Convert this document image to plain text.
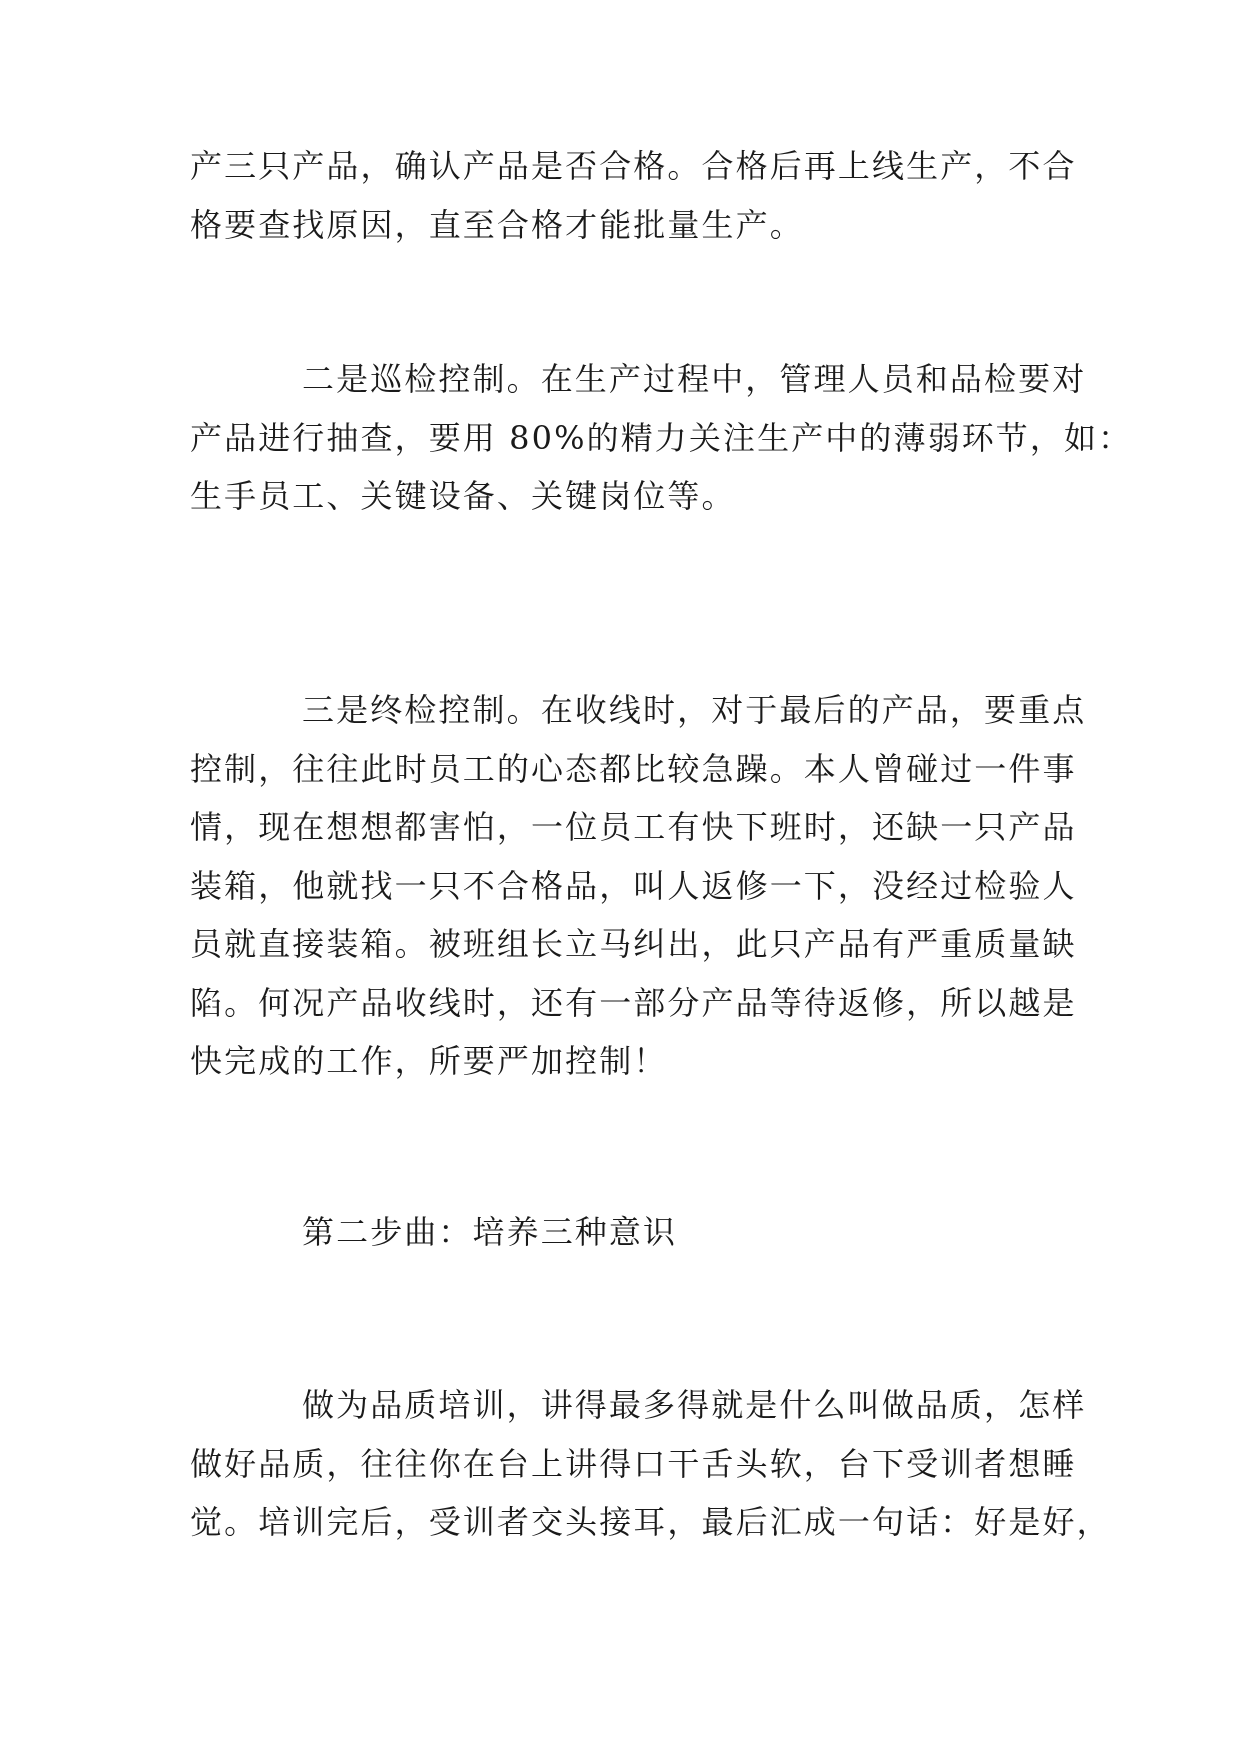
产三只产品，确认产品是否合格。合格后再上线生产，不合
格要查找原因，直至合格才能批量生产。
二是巡检控制。在生产过程中，管理人员和品检要对
产品进行抽查，要用 80%的精力关注生产中的薄弱环节，如：
生手员工、关键设备、关键岗位等。
三是终检控制。在收线时，对于最后的产品，要重点
控制，往往此时员工的心态都比较急躁。本人曾碰过一件事
情，现在想想都害怕，一位员工有快下班时，还缺一只产品
装箱，他就找一只不合格品，叫人返修一下，没经过检验人
员就直接装箱。被班组长立马纠出，此只产品有严重质量缺
陷。何况产品收线时，还有一部分产品等待返修，所以越是
快完成的工作，所要严加控制！
第二步曲：培养三种意识
做为品质培训，讲得最多得就是什么叫做品质，怎样
做好品质，往往你在台上讲得口干舌头软，台下受训者想睡
觉。培训完后，受训者交头接耳，最后汇成一句话：好是好，
